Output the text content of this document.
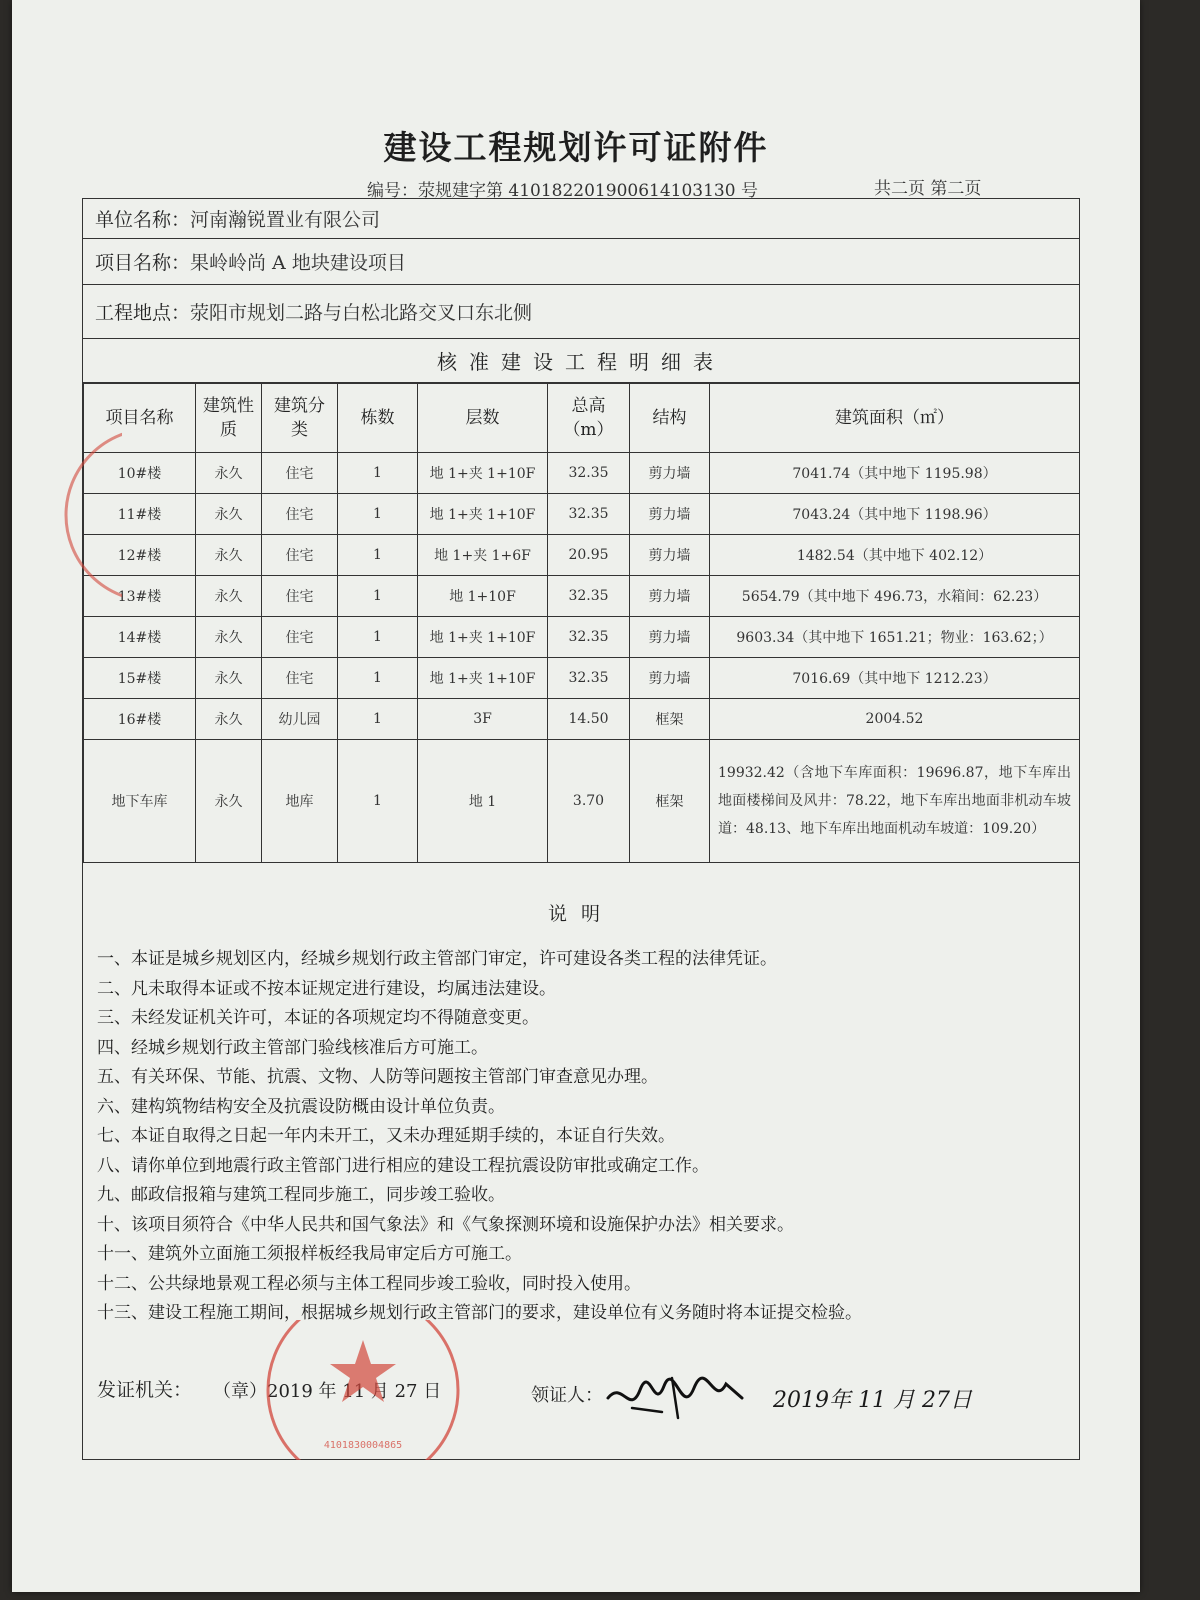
建设工程规划许可证附件
编号：荥规建字第 410182201900614103130 号	共二页 第二页
单位名称： 河南瀚锐置业有限公司
项目名称： 果岭岭尚 A 地块建设项目
工程地点： 荥阳市规划二路与白松北路交叉口东北侧
核准建设工程明细表
项目名称	建筑性质	建筑分类	栋数	层数	总高（m）	结构	建筑面积（㎡）
10#楼	永久	住宅	1	地 1+夹 1+10F	32.35	剪力墙	7041.74（其中地下 1195.98）
11#楼	永久	住宅	1	地 1+夹 1+10F	32.35	剪力墙	7043.24（其中地下 1198.96）
12#楼	永久	住宅	1	地 1+夹 1+6F	20.95	剪力墙	1482.54（其中地下 402.12）
13#楼	永久	住宅	1	地 1+10F	32.35	剪力墙	5654.79（其中地下 496.73，水箱间：62.23）
14#楼	永久	住宅	1	地 1+夹 1+10F	32.35	剪力墙	9603.34（其中地下 1651.21；物业：163.62；）
15#楼	永久	住宅	1	地 1+夹 1+10F	32.35	剪力墙	7016.69（其中地下 1212.23）
16#楼	永久	幼儿园	1	3F	14.50	框架	2004.52
地下车库	永久	地库	1	地 1	3.70	框架	19932.42（含地下车库面积：19696.87，地下车库出地面楼梯间及风井：78.22，地下车库出地面非机动车坡道：48.13、地下车库出地面机动车坡道：109.20）
说明
一、本证是城乡规划区内，经城乡规划行政主管部门审定，许可建设各类工程的法律凭证。
二、凡未取得本证或不按本证规定进行建设，均属违法建设。
三、未经发证机关许可，本证的各项规定均不得随意变更。
四、经城乡规划行政主管部门验线核准后方可施工。
五、有关环保、节能、抗震、文物、人防等问题按主管部门审查意见办理。
六、建构筑物结构安全及抗震设防概由设计单位负责。
七、本证自取得之日起一年内未开工，又未办理延期手续的，本证自行失效。
八、请你单位到地震行政主管部门进行相应的建设工程抗震设防审批或确定工作。
九、邮政信报箱与建筑工程同步施工，同步竣工验收。
十、该项目须符合《中华人民共和国气象法》和《气象探测环境和设施保护办法》相关要求。
十一、建筑外立面施工须报样板经我局审定后方可施工。
十二、公共绿地景观工程必须与主体工程同步竣工验收，同时投入使用。
十三、建设工程施工期间，根据城乡规划行政主管部门的要求，建设单位有义务随时将本证提交检验。
发证机关： （章）2019 年 11 月 27 日	领证人：	2019年 11 月 27日
4101830004865
